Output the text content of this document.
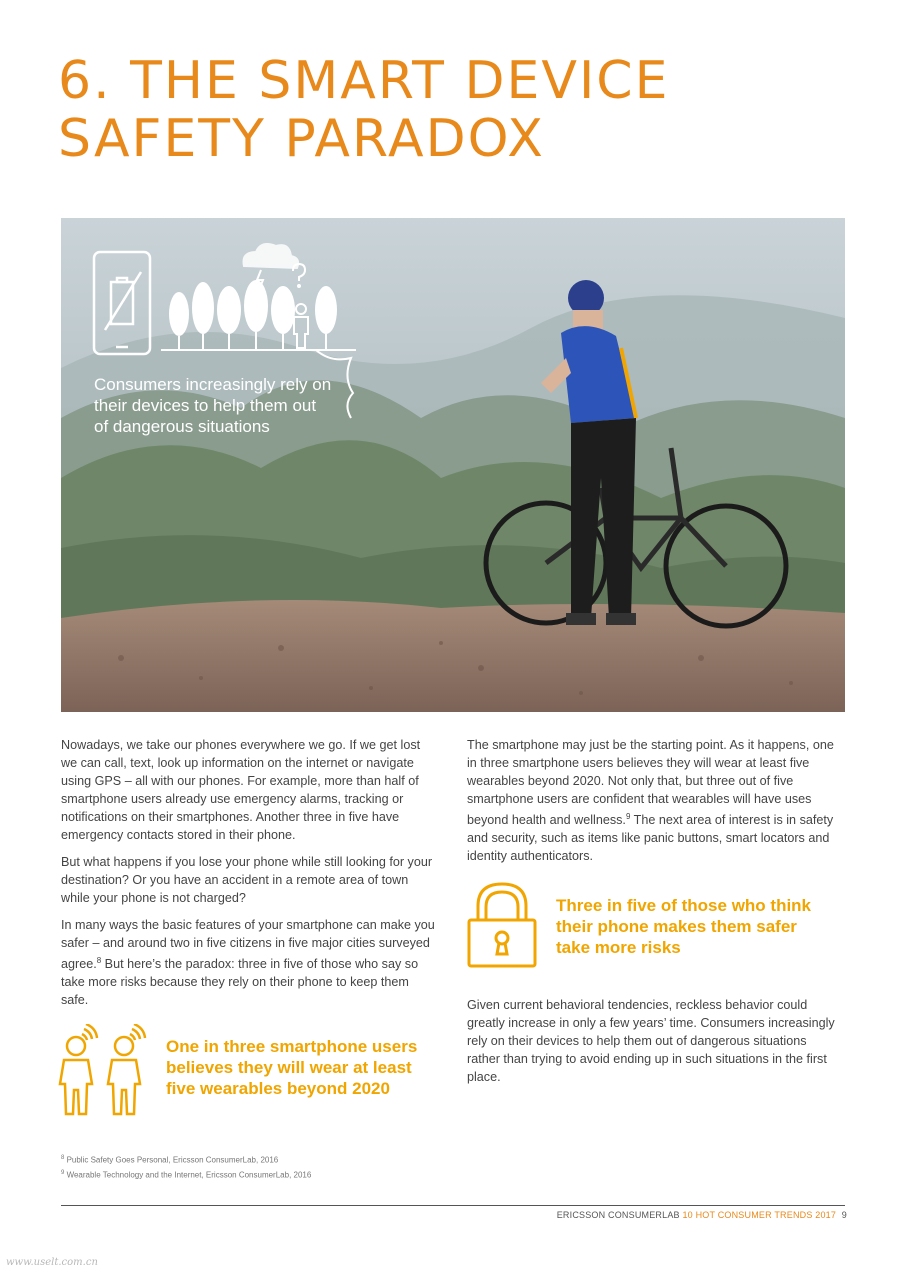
6. THE SMART DEVICE
SAFETY PARADOX
Consumers increasingly rely on their devices to help them out of dangerous situations

Nowadays, we take our phones everywhere we go. If we get lost we can call, text, look up information on the internet or navigate using GPS – all with our phones. For example, more than half of smartphone users already use emergency alarms, tracking or notifications on their smartphones. Another three in five have emergency contacts stored in their phone.

But what happens if you lose your phone while still looking for your destination? Or you have an accident in a remote area of town while your phone is not charged?

In many ways the basic features of your smartphone can make you safer – and around two in five citizens in five major cities surveyed agree.$^8$ But here’s the paradox: three in five of those who say so take more risks because they rely on their phone to keep them safe.

The smartphone may just be the starting point. As it happens, one in three smartphone users believes they will wear at least five wearables beyond 2020. Not only that, but three out of five smartphone users are confident that wearables will have uses beyond health and wellness.$^9$ The next area of interest is in safety and security, such as items like panic buttons, smart locators and identity authenticators.

Three in five of those who think their phone makes them safer take more risks

Given current behavioral tendencies, reckless behavior could greatly increase in only a few years’ time. Consumers increasingly rely on their devices to help them out of dangerous situations rather than trying to avoid ending up in such situations in the first place.

One in three smartphone users believes they will wear at least five wearables beyond 2020
$^8$ Public Safety Goes Personal, Ericsson ConsumerLab, 2016
$^9$ Wearable Technology and the Internet, Ericsson ConsumerLab, 2016
ERICSSON CONSUMERLAB 10 HOT CONSUMER TRENDS 2017 9
www.uselt.com.cn
